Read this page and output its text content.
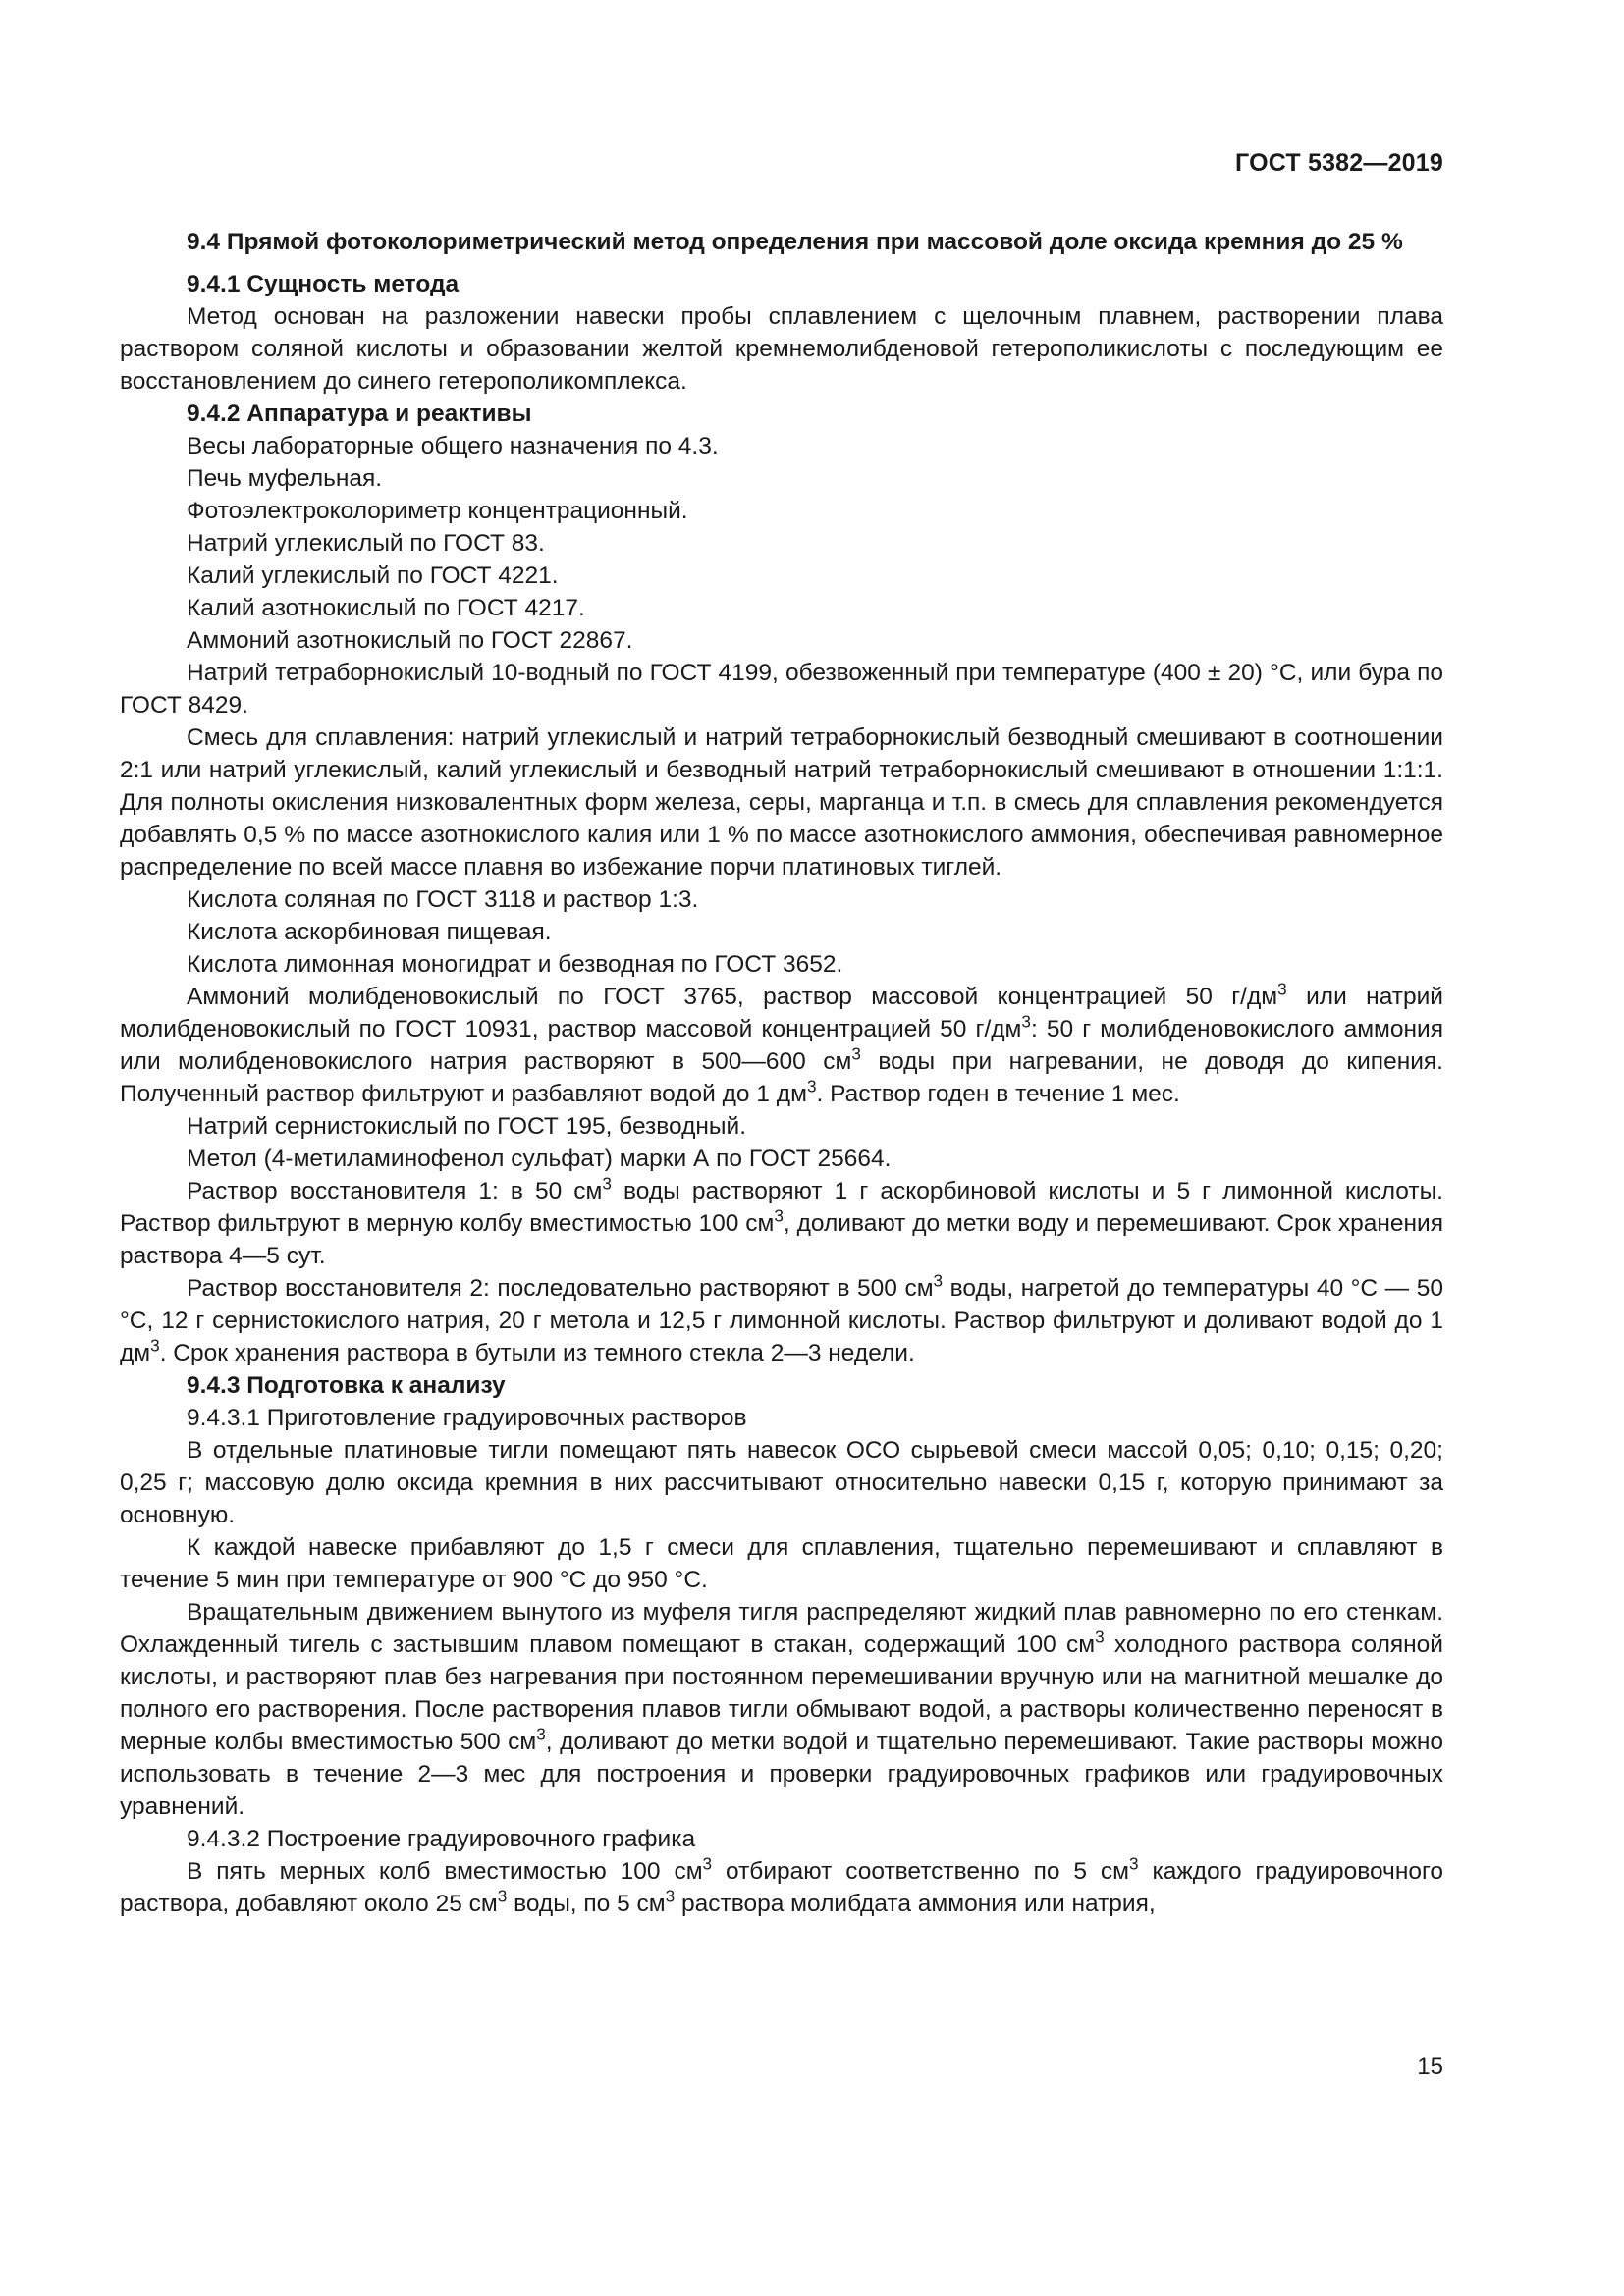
ГОСТ 5382—2019

9.4 Прямой фотоколориметрический метод определения при массовой доле оксида кремния до 25 %

9.4.1 Сущность метода

Метод основан на разложении навески пробы сплавлением с щелочным плавнем, растворении плава раствором соляной кислоты и образовании желтой кремнемолибденовой гетерополикислоты с последующим ее восстановлением до синего гетерополикомплекса.

9.4.2 Аппаратура и реактивы

Весы лабораторные общего назначения по 4.3.

Печь муфельная.

Фотоэлектроколориметр концентрационный.

Натрий углекислый по ГОСТ 83.

Калий углекислый по ГОСТ 4221.

Калий азотнокислый по ГОСТ 4217.

Аммоний азотнокислый по ГОСТ 22867.

Натрий тетраборнокислый 10-водный по ГОСТ 4199, обезвоженный при температуре (400 ± 20) °С, или бура по ГОСТ 8429.

Смесь для сплавления: натрий углекислый и натрий тетраборнокислый безводный смешивают в соотношении 2:1 или натрий углекислый, калий углекислый и безводный натрий тетраборнокислый смешивают в отношении 1:1:1. Для полноты окисления низковалентных форм железа, серы, марганца и т.п. в смесь для сплавления рекомендуется добавлять 0,5 % по массе азотнокислого калия или 1 % по массе азотнокислого аммония, обеспечивая равномерное распределение по всей массе плавня во избежание порчи платиновых тиглей.

Кислота соляная по ГОСТ 3118 и раствор 1:3.

Кислота аскорбиновая пищевая.

Кислота лимонная моногидрат и безводная по ГОСТ 3652.

Аммоний молибденовокислый по ГОСТ 3765, раствор массовой концентрацией 50 $г/дм^3$ или натрий молибденовокислый по ГОСТ 10931, раствор массовой концентрацией 50 $г/дм^3$: 50 г молибденовокислого аммония или молибденовокислого натрия растворяют в 500—600 $см^3$ воды при нагревании, не доводя до кипения. Полученный раствор фильтруют и разбавляют водой до 1 $дм^3$. Раствор годен в течение 1 мес.

Натрий сернистокислый по ГОСТ 195, безводный.

Метол (4-метиламинофенол сульфат) марки А по ГОСТ 25664.

Раствор восстановителя 1: в 50 $см^3$ воды растворяют 1 г аскорбиновой кислоты и 5 г лимонной кислоты. Раствор фильтруют в мерную колбу вместимостью 100 $см^3$, доливают до метки воду и перемешивают. Срок хранения раствора 4—5 сут.

Раствор восстановителя 2: последовательно растворяют в 500 $см^3$ воды, нагретой до температуры 40 °С — 50 °С, 12 г сернистокислого натрия, 20 г метола и 12,5 г лимонной кислоты. Раствор фильтруют и доливают водой до 1 $дм^3$. Срок хранения раствора в бутыли из темного стекла 2—3 недели.

9.4.3 Подготовка к анализу

9.4.3.1 Приготовление градуировочных растворов

В отдельные платиновые тигли помещают пять навесок ОСО сырьевой смеси массой 0,05; 0,10; 0,15; 0,20; 0,25 г; массовую долю оксида кремния в них рассчитывают относительно навески 0,15 г, которую принимают за основную.

К каждой навеске прибавляют до 1,5 г смеси для сплавления, тщательно перемешивают и сплавляют в течение 5 мин при температуре от 900 °С до 950 °С.

Вращательным движением вынутого из муфеля тигля распределяют жидкий плав равномерно по его стенкам. Охлажденный тигель с застывшим плавом помещают в стакан, содержащий 100 $см^3$ холодного раствора соляной кислоты, и растворяют плав без нагревания при постоянном перемешивании вручную или на магнитной мешалке до полного его растворения. После растворения плавов тигли обмывают водой, а растворы количественно переносят в мерные колбы вместимостью 500 $см^3$, доливают до метки водой и тщательно перемешивают. Такие растворы можно использовать в течение 2—3 мес для построения и проверки градуировочных графиков или градуировочных уравнений.

9.4.3.2 Построение градуировочного графика

В пять мерных колб вместимостью 100 $см^3$ отбирают соответственно по 5 $см^3$ каждого градуировочного раствора, добавляют около 25 $см^3$ воды, по 5 $см^3$ раствора молибдата аммония или натрия,

15
